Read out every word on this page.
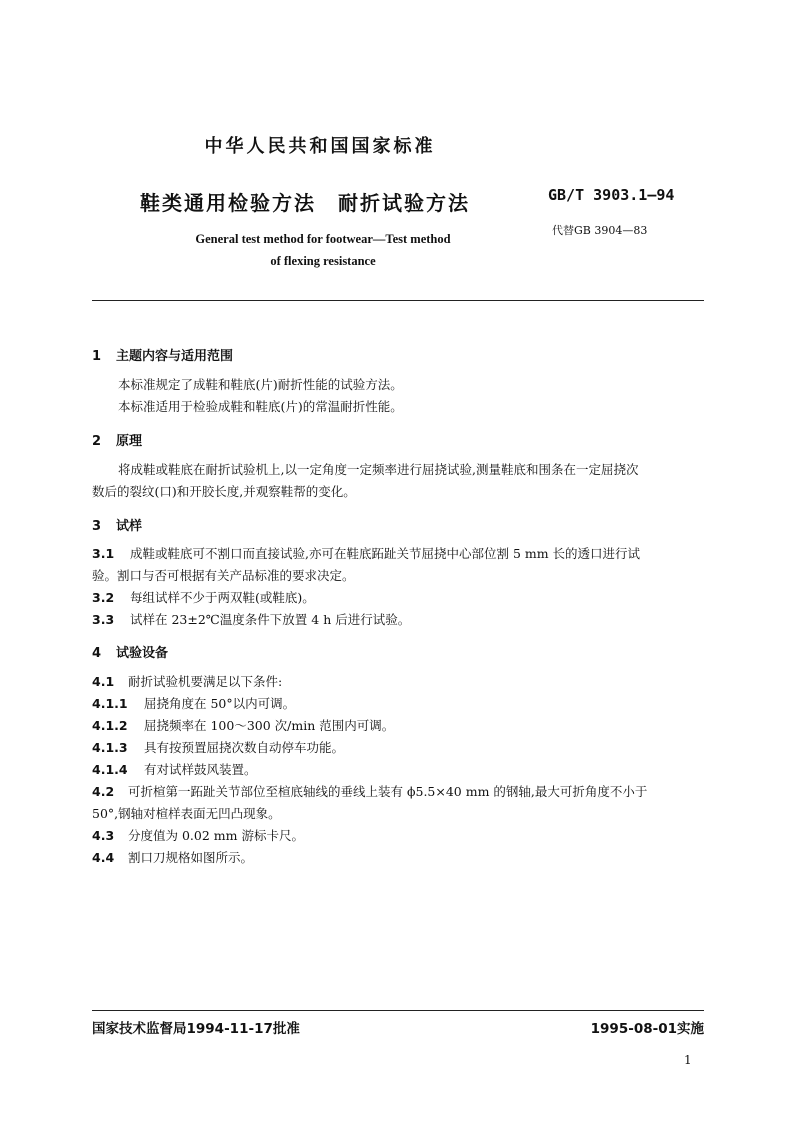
中华人民共和国国家标准
鞋类通用检验方法 耐折试验方法	GB/T 3903.1—94
代替GB 3904—83
General test method for footwear—Test method
of flexing resistance
1 主题内容与适用范围
本标准规定了成鞋和鞋底(片)耐折性能的试验方法。
本标准适用于检验成鞋和鞋底(片)的常温耐折性能。
2 原理
将成鞋或鞋底在耐折试验机上,以一定角度一定频率进行屈挠试验,测量鞋底和围条在一定屈挠次
数后的裂纹(口)和开胶长度,并观察鞋帮的变化。
3 试样
3.1 成鞋或鞋底可不割口而直接试验,亦可在鞋底跖趾关节屈挠中心部位割 5 mm 长的透口进行试
验。割口与否可根据有关产品标准的要求决定。
3.2 每组试样不少于两双鞋(或鞋底)。
3.3 试样在 23±2℃温度条件下放置 4 h 后进行试验。
4 试验设备
4.1 耐折试验机要满足以下条件:
4.1.1 屈挠角度在 50°以内可调。
4.1.2 屈挠频率在 100～300 次/min 范围内可调。
4.1.3 具有按预置屈挠次数自动停车功能。
4.1.4 有对试样鼓风装置。
4.2 可折楦第一跖趾关节部位至楦底轴线的垂线上装有 ϕ5.5×40 mm 的钢轴,最大可折角度不小于
50°,钢轴对楦样表面无凹凸现象。
4.3 分度值为 0.02 mm 游标卡尺。
4.4 割口刀规格如图所示。
国家技术监督局1994-11-17批准	1995-08-01实施
1
